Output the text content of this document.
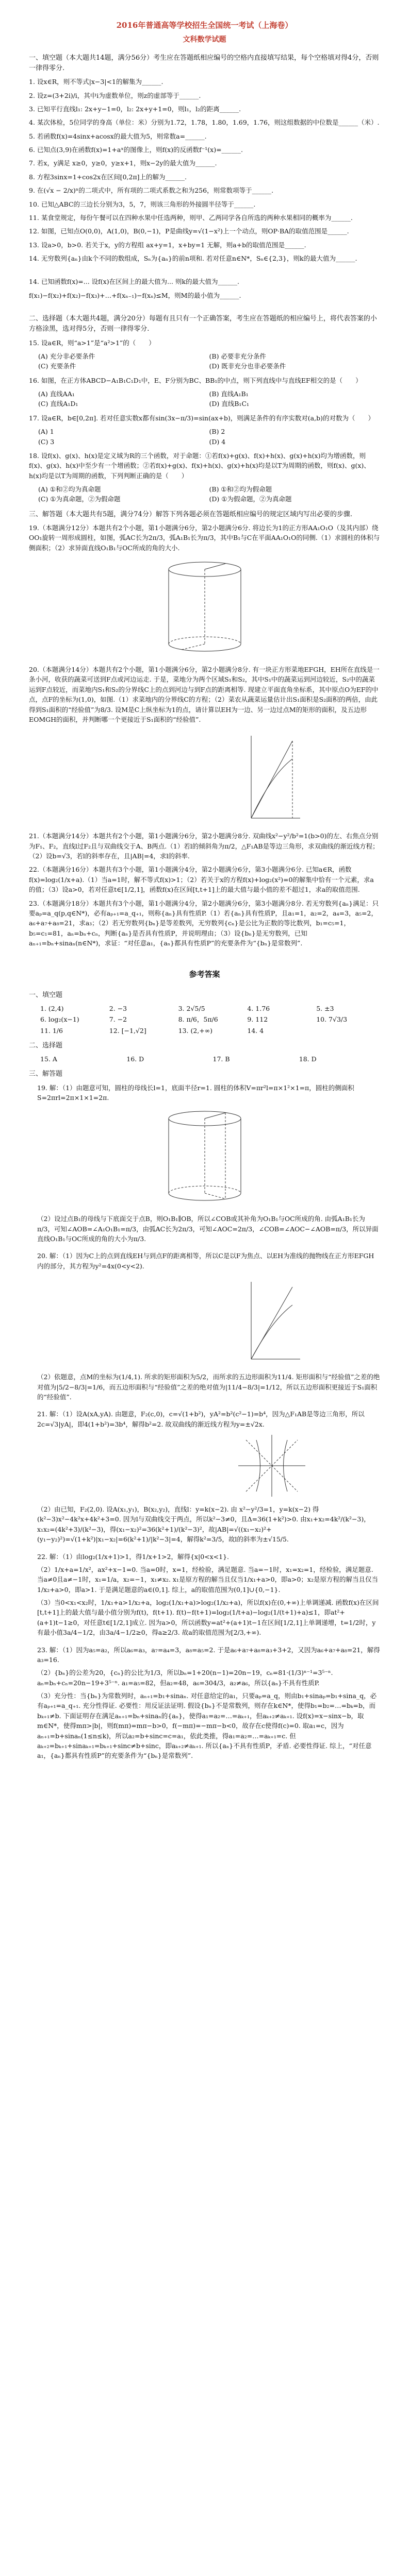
2016年普通高等学校招生全国统一考试（上海卷）
文科数学试题
一、填空题（本大题共14题，满分56分）考生应在答题纸相应编号的空格内直接填写结果，每个空格填对得4分，否则一律得零分.
1. 设x∈R，则不等式|x−3|<1的解集为______.
2. 设z=(3+2i)/i，其中i为虚数单位，则z的虚部等于______.
3. 已知平行直线l₁: 2x+y−1=0，l₂: 2x+y+1=0，则l₁，l₂的距离______.
4. 某次体检，5位同学的身高（单位：米）分别为1.72，1.78，1.80，1.69，1.76，则这组数据的中位数是______（米）.
5. 若函数f(x)=4sinx+acosx的最大值为5，则常数a=______.
6. 已知点(3,9)在函数f(x)=1+aˣ的图像上，则f(x)的反函数f⁻¹(x)=______.
7. 若x，y满足 x≥0，y≥0，y≥x+1，则x−2y的最大值为______.
8. 方程3sinx=1+cos2x在区间[0,2π]上的解为______.
9. 在(√x − 2/x)ⁿ的二项式中，所有项的二项式系数之和为256，则常数项等于______.
10. 已知△ABC的三边长分别为3，5，7，则该三角形的外接圆半径等于______.
11. 某食堂规定，每份午餐可以在四种水果中任选两种，则甲、乙两同学各自所选的两种水果相同的概率为______.
12. 如图，已知点O(0,0)，A(1,0)，B(0,−1)，P是曲线y=√(1−x²)上一个动点，则OP·BA的取值范围是______.
13. 设a>0，b>0. 若关于x，y的方程组 ax+y=1，x+by=1 无解，则a+b的取值范围是______.
14. 无穷数列{aₙ}由k个不同的数组成，Sₙ为{aₙ}的前n项和. 若对任意n∈N*，Sₙ∈{2,3}，则k的最大值为______.
14. 已知函数f(x)=... 设f(x)在区间上的最大值为... 则k的最大值为______.
f(x₁)−f(x₂)+f(x₂)−f(x₃)+…+f(xₙ₋₁)−f(xₙ)≤M，则M的最小值为______.
二、选择题（本大题共4题，满分20分）每题有且只有一个正确答案，考生应在答题纸的相应编号上，将代表答案的小方格涂黑，选对得5分，否则一律得零分.
15. 设a∈R，则“a>1”是“a²>1”的（　　）
(A) 充分非必要条件	(B) 必要非充分条件
(C) 充要条件	(D) 既非充分也非必要条件
16. 如图，在正方体ABCD−A₁B₁C₁D₁中，E、F分别为BC、BB₁的中点，则下列直线中与直线EF相交的是（　　）
(A) 直线AA₁	(B) 直线A₁B₁
(C) 直线A₁D₁	(D) 直线B₁C₁
17. 设a∈R，b∈[0,2π]. 若对任意实数x都有sin(3x−π/3)=sin(ax+b)，则满足条件的有序实数对(a,b)的对数为（　　）
(A) 1	(B) 2
(C) 3	(D) 4
18. 设f(x)、g(x)、h(x)是定义域为R的三个函数，对于命题：①若f(x)+g(x)、f(x)+h(x)、g(x)+h(x)均为增函数，则f(x)、g(x)、h(x)中至少有一个增函数；②若f(x)+g(x)、f(x)+h(x)、g(x)+h(x)均是以T为周期的函数，则f(x)、g(x)、h(x)均是以T为周期的函数，下列判断正确的是（　　）
(A) ①和②均为真命题	(B) ①和②均为假命题
(C) ①为真命题，②为假命题	(D) ①为假命题，②为真命题
三、解答题（本大题共有5题，满分74分）解答下列各题必须在答题纸相应编号的规定区域内写出必要的步骤.
19.（本题满分12分）本题共有2个小题，第1小题满分6分，第2小题满分6分. 将边长为1的正方形AA₁O₁O（及其内部）绕OO₁旋转一周形成圆柱，如图，弧AC长为2π/3，弧A₁B₁长为π/3，其中B₁与C在平面AA₁O₁O的同侧.（1）求圆柱的体积与侧面积；（2）求异面直线O₁B₁与OC所成的角的大小.
20.（本题满分14分）本题共有2个小题，第1小题满分6分，第2小题满分8分. 有一块正方形菜地EFGH，EH所在直线是一条小河，收获的蔬菜可送到F点或河边运走. 于是，菜地分为两个区域S₁和S₂，其中S₁中的蔬菜运到河边较近，S₂中的蔬菜运到F点较近，而菜地内S₁和S₂的分界线C上的点到河边与到F点的距离相等. 现建立平面直角坐标系，其中原点O为EF的中点，点F的坐标为(1,0)，如图.（1）求菜地内的分界线C的方程；（2）菜农从蔬菜运量估计出S₁面积是S₂面积的两倍，由此得到S₁面积的“经验值”为8/3. 设M是C上纵坐标为1的点，请计算以EH为一边、另一边过点M的矩形的面积，及五边形EOMGH的面积，并判断哪一个更接近于S₁面积的“经验值”.
21.（本题满分14分）本题共有2个小题，第1小题满分6分，第2小题满分8分. 双曲线x²−y²/b²=1(b>0)的左、右焦点分别为F₁、F₂，直线l过F₂且与双曲线交于A、B两点.（1）若l的倾斜角为π/2，△F₁AB是等边三角形，求双曲线的渐近线方程；（2）设b=√3，若l的斜率存在，且|AB|=4，求l的斜率.
22.（本题满分16分）本题共有3个小题，第1小题满分4分，第2小题满分6分，第3小题满分6分. 已知a∈R，函数f(x)=log₂(1/x+a).（1）当a=1时，解不等式f(x)>1；（2）若关于x的方程f(x)+log₂(x²)=0的解集中恰有一个元素，求a的值；（3）设a>0，若对任意t∈[1/2,1]，函数f(x)在区间[t,t+1]上的最大值与最小值的差不超过1，求a的取值范围.
23.（本题满分18分）本题共有3个小题，第1小题满分4分，第2小题满分6分，第3小题满分8分. 若无穷数列{aₙ}满足：只要aₚ=a_q(p,q∈N*)，必有aₚ₊₁=a_q₊₁，则称{aₙ}具有性质P.（1）若{aₙ}具有性质P，且a₁=1，a₂=2，a₄=3，a₅=2，a₆+a₇+a₈=21，求a₃；（2）若无穷数列{bₙ}是等差数列，无穷数列{cₙ}是公比为正数的等比数列，b₁=c₅=1，b₅=c₁=81，aₙ=bₙ+cₙ，判断{aₙ}是否具有性质P，并说明理由；（3）设{bₙ}是无穷数列，已知aₙ₊₁=bₙ+sinaₙ(n∈N*)，求证：“对任意a₁，{aₙ}都具有性质P”的充要条件为“{bₙ}是常数列”.
参考答案
一、填空题
1. (2,4)	2. −3	3. 2√5/5	4. 1.76	5. ±3
6. log₂(x−1)	7. −2	8. π/6，5π/6	9. 112	10. 7√3/3
11. 1/6	12. [−1,√2]	13. (2,+∞)	14. 4
二、选择题
15. A	16. D	17. B	18. D
三、解答题
19. 解：（1）由题意可知，圆柱的母线长l=1，底面半径r=1. 圆柱的体积V=πr²l=π×1²×1=π，圆柱的侧面积S=2πrl=2π×1×1=2π.
（2）设过点B₁的母线与下底面交于点B，则O₁B₁∥OB，所以∠COB或其补角为O₁B₁与OC所成的角. 由弧A₁B₁长为π/3，可知∠AOB=∠A₁O₁B₁=π/3，由弧AC长为2π/3，可知∠AOC=2π/3，∠COB=∠AOC−∠AOB=π/3，所以异面直线O₁B₁与OC所成的角的大小为π/3.
20. 解：（1）因为C上的点到直线EH与到点F的距离相等，所以C是以F为焦点、以EH为准线的抛物线在正方形EFGH内的部分，其方程为y²=4x(0<y<2).
（2）依题意，点M的坐标为(1/4,1). 所求的矩形面积为5/2，而所求的五边形面积为11/4. 矩形面积与“经验值”之差的绝对值为|5/2−8/3|=1/6，而五边形面积与“经验值”之差的绝对值为|11/4−8/3|=1/12，所以五边形面积更接近于S₁面积的“经验值”.
21. 解：（1）设A(xA,yA). 由题意，F₂(c,0)，c=√(1+b²)，yA²=b²(c²−1)=b⁴，因为△F₁AB是等边三角形，所以2c=√3|yA|，即4(1+b²)=3b⁴，解得b²=2. 故双曲线的渐近线方程为y=±√2x.
（2）由已知，F₂(2,0). 设A(x₁,y₁)，B(x₂,y₂)，直线l：y=k(x−2). 由 x²−y²/3=1，y=k(x−2) 得(k²−3)x²−4k²x+4k²+3=0. 因为l与双曲线交于两点，所以k²−3≠0，且Δ=36(1+k²)>0. 由x₁+x₂=4k²/(k²−3)，x₁x₂=(4k²+3)/(k²−3)，得(x₁−x₂)²=36(k²+1)/(k²−3)²，故|AB|=√((x₁−x₂)²+(y₁−y₂)²)=√(1+k²)|x₁−x₂|=6(k²+1)/|k²−3|=4，解得k²=3/5，故l的斜率为±√15/5.
22. 解：（1）由log₂(1/x+1)>1，得1/x+1>2，解得{x|0<x<1}.
（2）1/x+a=1/x²，ax²+x−1=0. 当a=0时，x=1，经检验，满足题意. 当a=−1时，x₁=x₂=1，经检验，满足题意. 当a≠0且a≠−1时，x₁=1/a，x₂=−1，x₁≠x₂. x₁是原方程的解当且仅当1/x₁+a>0，即a>0；x₂是原方程的解当且仅当1/x₂+a>0，即a>1. 于是满足题意的a∈(0,1]. 综上，a的取值范围为(0,1]∪{0,−1}.
（3）当0<x₁<x₂时，1/x₁+a>1/x₂+a，log₂(1/x₁+a)>log₂(1/x₂+a)，所以f(x)在(0,+∞)上单调递减. 函数f(x)在区间[t,t+1]上的最大值与最小值分别为f(t)，f(t+1). f(t)−f(t+1)=log₂(1/t+a)−log₂(1/(t+1)+a)≤1，即at²+(a+1)t−1≥0，对任意t∈[1/2,1]成立. 因为a>0，所以函数y=at²+(a+1)t−1在区间[1/2,1]上单调递增，t=1/2时，y有最小值3a/4−1/2，由3a/4−1/2≥0，得a≥2/3. 故a的取值范围为[2/3,+∞).
23. 解：（1）因为a₅=a₂，所以a₆=a₃，a₇=a₄=3，a₈=a₅=2. 于是a₆+a₇+a₈=a₃+3+2，又因为a₆+a₇+a₈=21，解得a₃=16.
（2）{bₙ}的公差为20，{cₙ}的公比为1/3，所以bₙ=1+20(n−1)=20n−19，cₙ=81·(1/3)ⁿ⁻¹=3⁵⁻ⁿ. aₙ=bₙ+cₙ=20n−19+3⁵⁻ⁿ. a₁=a₅=82，但a₂=48，a₆=304/3，a₂≠a₆，所以{aₙ}不具有性质P.
（3）充分性：当{bₙ}为常数列时，aₙ₊₁=b₁+sinaₙ. 对任意给定的a₁，只要aₚ=a_q，则由b₁+sinaₚ=b₁+sina_q，必有aₚ₊₁=a_q₊₁. 充分性得证. 必要性：用反证法证明. 假设{bₙ}不是常数列，则存在k∈N*，使得b₁=b₂=…=bₖ=b，而bₖ₊₁≠b. 下面证明存在满足aₙ₊₁=bₙ+sinaₙ的{aₙ}，使得a₁=a₂=…=aₖ₊₁，但aₖ₊₂≠aₖ₊₁. 设f(x)=x−sinx−b，取m∈N*，使得mπ>|b|，则f(mπ)=mπ−b>0，f(−mπ)=−mπ−b<0，故存在c使得f(c)=0. 取a₁=c，因为aₙ₊₁=b+sinaₙ(1≤n≤k)，所以a₂=b+sinc=c=a₁，依此类推，得a₁=a₂=…=aₖ₊₁=c. 但aₖ₊₂=bₖ₊₁+sinaₖ₊₁=bₖ₊₁+sinc≠b+sinc，即aₖ₊₂≠aₖ₊₁. 所以{aₙ}不具有性质P，矛盾. 必要性得证. 综上，“对任意a₁，{aₙ}都具有性质P”的充要条件为“{bₙ}是常数列”.
